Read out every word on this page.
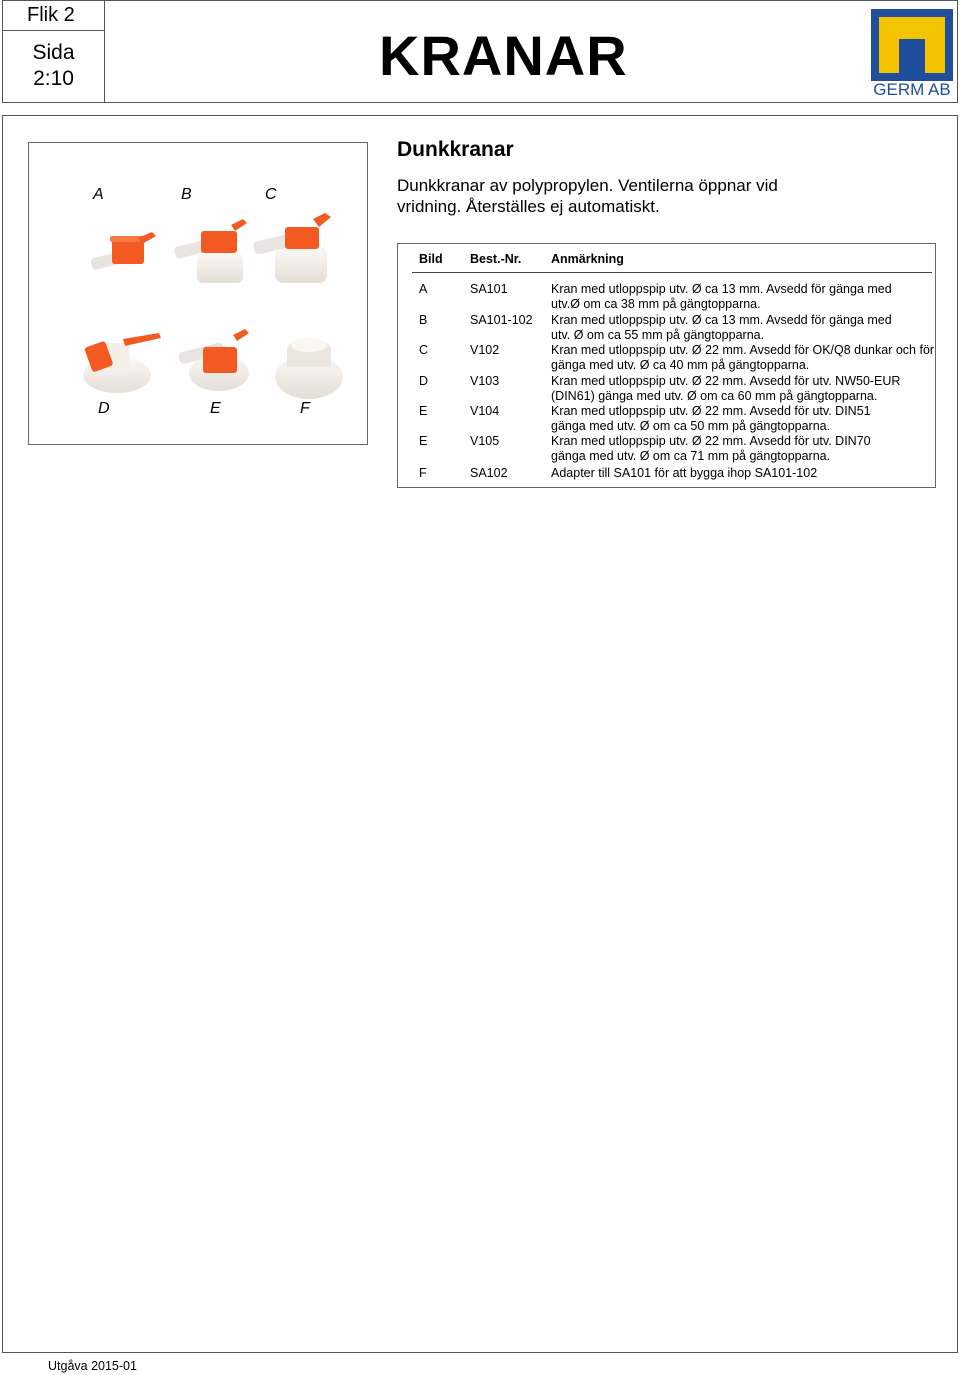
Flik 2
Sida
2:10	KRANAR
GERM AB
A	B	C
D	E	F
Dunkkranar
Dunkkranar av polypropylen. Ventilerna öppnar vid vridning. Återställes ej automatiskt.
Bild Best.-Nr. Anmärkning
A	SA101	Kran med utloppspip utv. Ø ca 13 mm. Avsedd för gänga med
utv.Ø om ca 38 mm på gängtopparna.
B	SA101-102 Kran med utloppspip utv. Ø ca 13 mm. Avsedd för gänga med
utv. Ø om ca 55 mm på gängtopparna.
C	V102	Kran med utloppspip utv. Ø 22 mm. Avsedd för OK/Q8 dunkar och för
gänga med utv. Ø ca 40 mm på gängtopparna.
D	V103	Kran med utloppspip utv. Ø 22 mm. Avsedd för utv. NW50-EUR
(DIN61) gänga med utv. Ø om ca 60 mm på gängtopparna.
E	V104	Kran med utloppspip utv. Ø 22 mm. Avsedd för utv. DIN51
gänga med utv. Ø om ca 50 mm på gängtopparna.
E	V105	Kran med utloppspip utv. Ø 22 mm. Avsedd för utv. DIN70
gänga med utv. Ø om ca 71 mm på gängtopparna.
F	SA102	Adapter till SA101 för att bygga ihop SA101-102
Utgåva 2015-01
